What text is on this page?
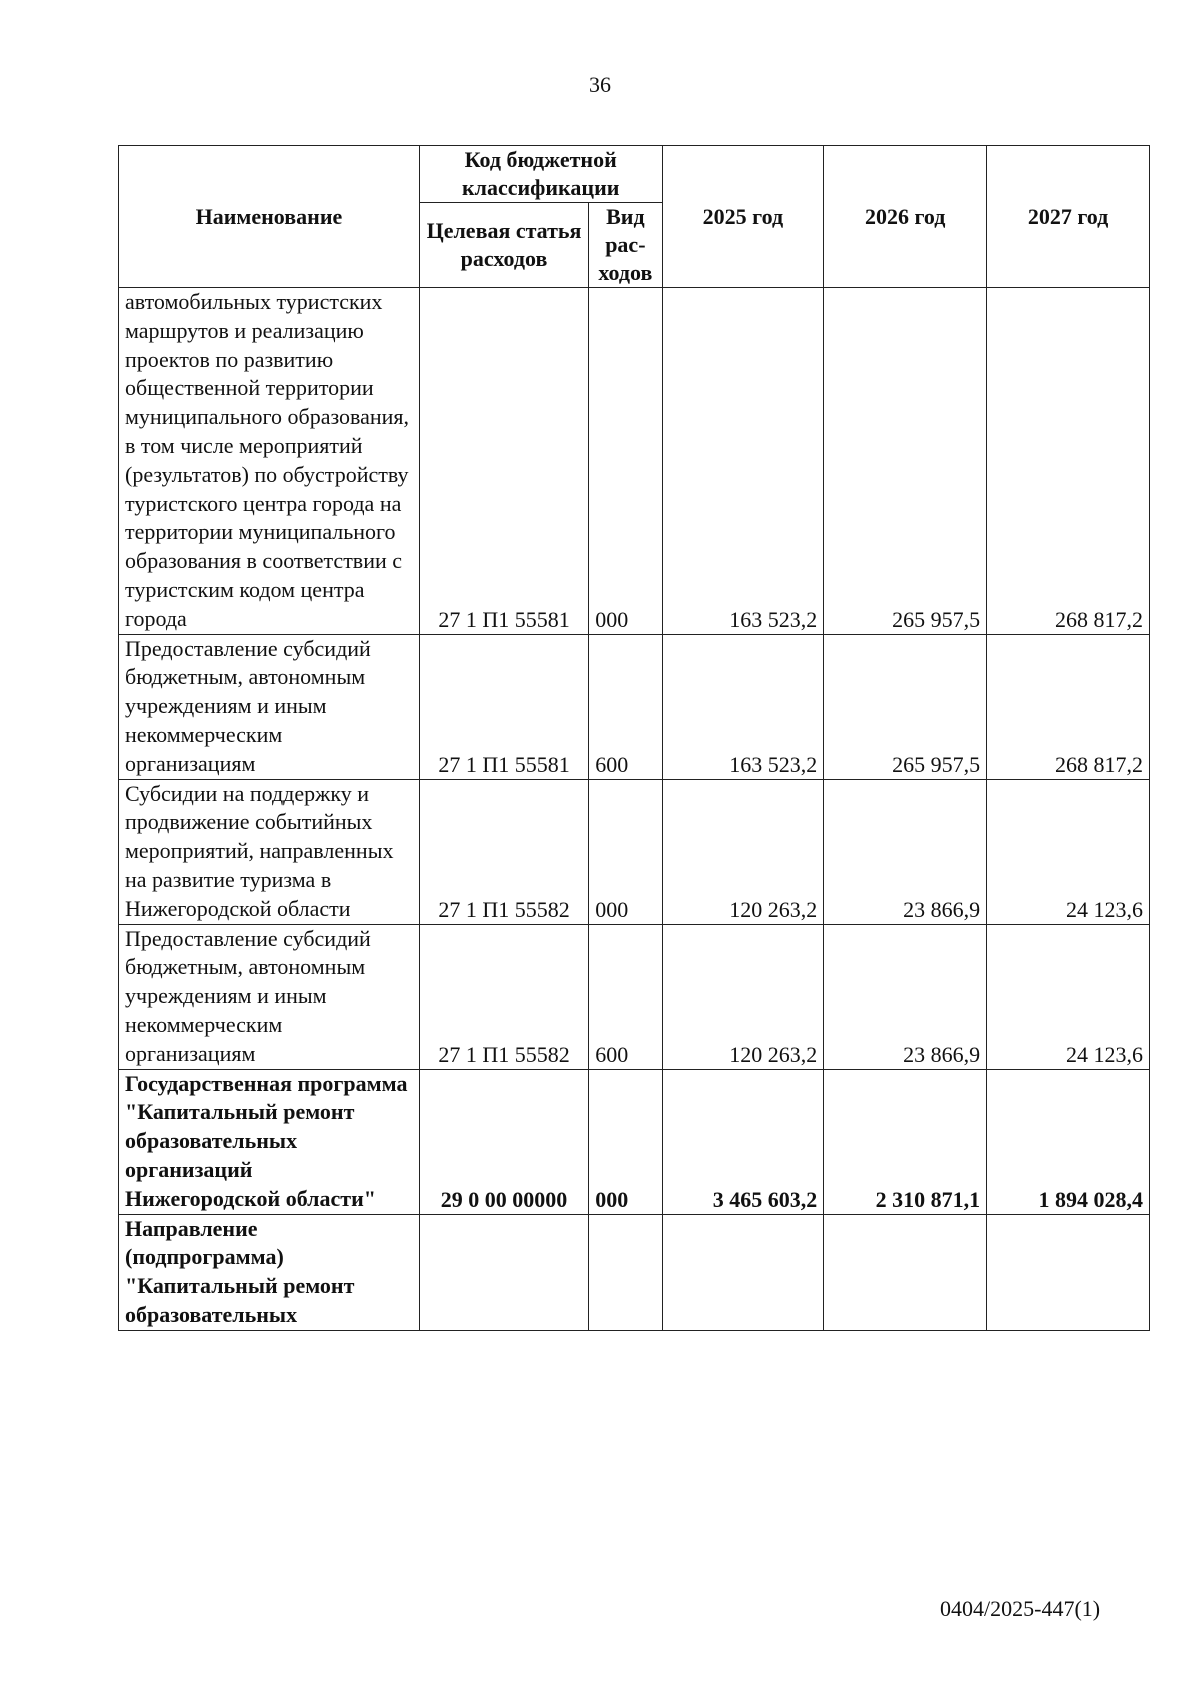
36
Наименование	Код бюджетной классификации		2025 год	2026 год	2027 год
	Целевая статья расходов	Вид рас-ходов			
автомобильных туристских маршрутов и реализацию проектов по развитию общественной территории муниципального образования, в том числе мероприятий (результатов) по обустройству туристского центра города на территории муниципального образования в соответствии с туристским кодом центра города	27 1 П1 55581	000	163 523,2	265 957,5	268 817,2
Предоставление субсидий бюджетным, автономным учреждениям и иным некоммерческим организациям	27 1 П1 55581	600	163 523,2	265 957,5	268 817,2
Субсидии на поддержку и продвижение событийных мероприятий, направленных на развитие туризма в Нижегородской области	27 1 П1 55582	000	120 263,2	23 866,9	24 123,6
Предоставление субсидий бюджетным, автономным учреждениям и иным некоммерческим организациям	27 1 П1 55582	600	120 263,2	23 866,9	24 123,6
Государственная программа "Капитальный ремонт образовательных организаций Нижегородской области"	29 0 00 00000	000	3 465 603,2	2 310 871,1	1 894 028,4
Направление (подпрограмма) "Капитальный ремонт образовательных					
0404/2025-447(1)
